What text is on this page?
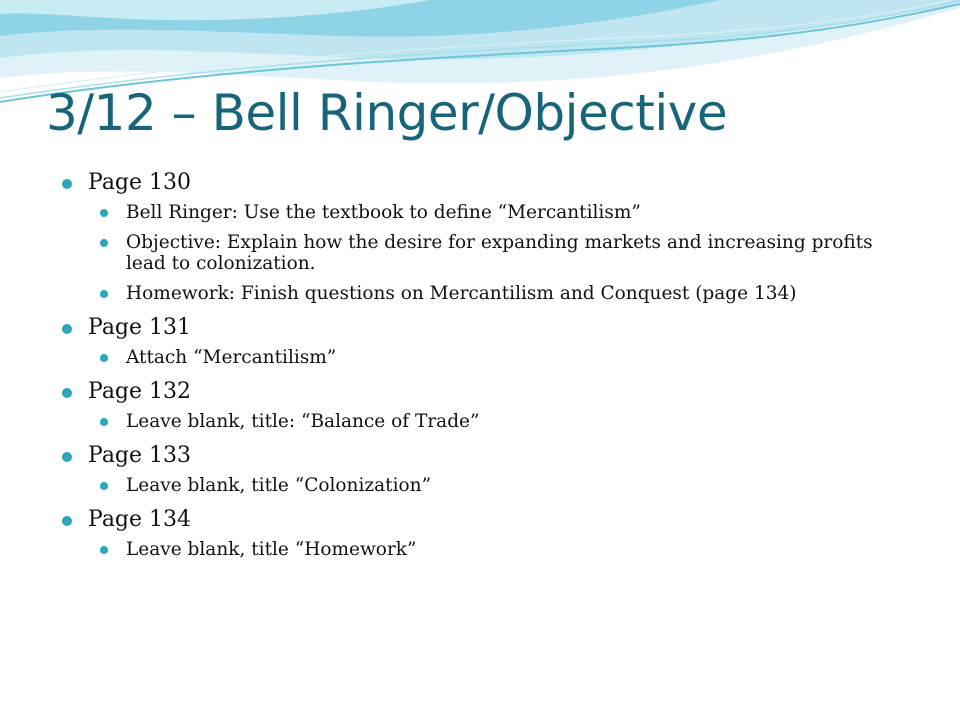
3/12 – Bell Ringer/Objective
Page 130
Bell Ringer: Use the textbook to define “Mercantilism”
Objective: Explain how the desire for expanding markets and increasing profits lead to colonization.
Homework: Finish questions on Mercantilism and Conquest (page 134)
Page 131
Attach “Mercantilism”
Page 132
Leave blank, title: “Balance of Trade”
Page 133
Leave blank, title “Colonization”
Page 134
Leave blank, title “Homework”
